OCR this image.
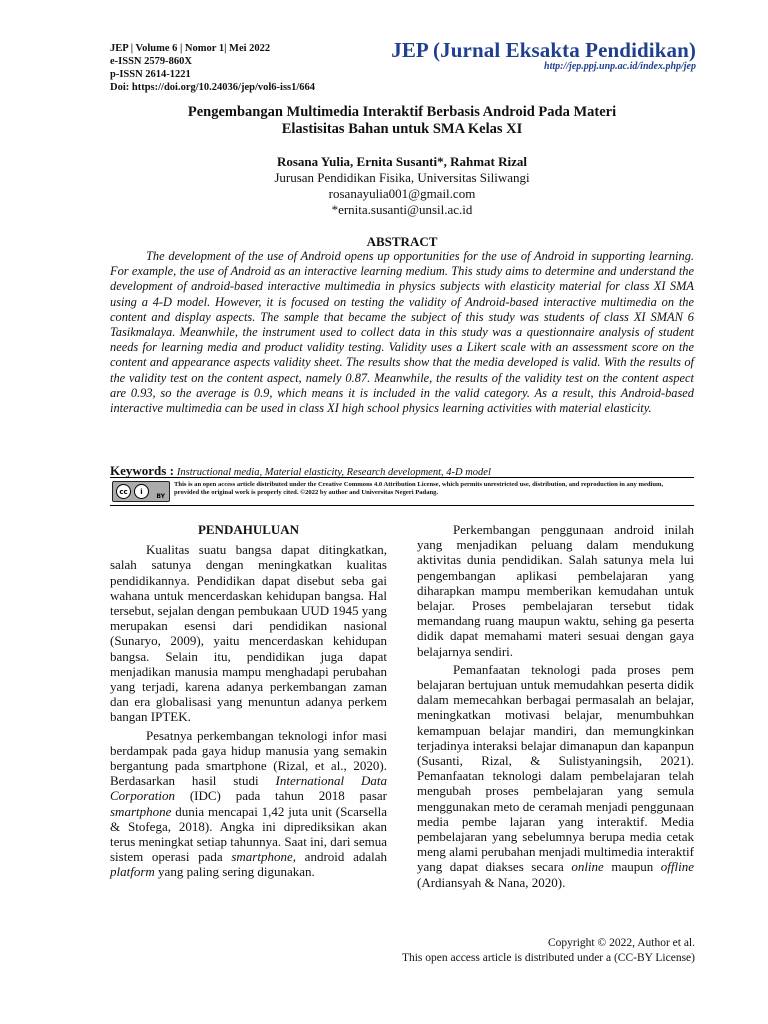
JEP | Volume 6 | Nomor 1| Mei 2022
e-ISSN 2579-860X
p-ISSN 2614-1221
Doi: https://doi.org/10.24036/jep/vol6-iss1/664
JEP (Jurnal Eksakta Pendidikan)
http://jep.ppj.unp.ac.id/index.php/jep
Pengembangan Multimedia Interaktif Berbasis Android Pada Materi
Elastisitas Bahan untuk SMA Kelas XI
Rosana Yulia, Ernita Susanti*, Rahmat Rizal
Jurusan Pendidikan Fisika, Universitas Siliwangi
rosanayulia001@gmail.com
*ernita.susanti@unsil.ac.id
ABSTRACT
The development of the use of Android opens up opportunities for the use of Android in supporting learning. For example, the use of Android as an interactive learning medium. This study aims to determine and understand the development of android-based interactive multimedia in physics subjects with elasticity material for class XI SMA using a 4-D model. However, it is focused on testing the validity of Android-based interactive multimedia on the content and display aspects. The sample that became the subject of this study was students of class XI SMAN 6 Tasikmalaya. Meanwhile, the instrument used to collect data in this study was a questionnaire analysis of student needs for learning media and product validity testing. Validity uses a Likert scale with an assessment score on the content and appearance aspects validity sheet. The results show that the media developed is valid. With the results of the validity test on the content aspect, namely 0.87. Meanwhile, the results of the validity test on the content aspect are 0.93, so the average is 0.9, which means it is included in the valid category. As a result, this Android-based interactive multimedia can be used in class XI high school physics learning activities with material elasticity.
Keywords : Instructional media, Material elasticity, Research development, 4-D model
cc	i
BY
This is an open access article distributed under the Creative Commons 4.0 Attribution License, which permits unrestricted use, distribution, and reproduction in any medium, provided the original work is properly cited. ©2022 by author and Universitas Negeri Padang.

PENDAHULUAN

Kualitas suatu bangsa dapat ditingkatkan, salah satunya dengan meningkatkan kualitas pendidikannya. Pendidikan dapat disebut seba gai wahana untuk mencerdaskan kehidupan bangsa. Hal tersebut, sejalan dengan pembukaan UUD 1945 yang merupakan esensi dari pendidikan nasional (Sunaryo, 2009), yaitu mencerdaskan kehidupan bangsa. Selain itu, pendidikan juga dapat menjadikan manusia mampu menghadapi perubahan yang terjadi, karena adanya perkembangan zaman dan era globalisasi yang menuntun adanya perkem bangan IPTEK.

Pesatnya perkembangan teknologi infor masi berdampak pada gaya hidup manusia yang semakin bergantung pada smartphone (Rizal, et al., 2020). Berdasarkan hasil studi International Data Corporation (IDC) pada tahun 2018 pasar smartphone dunia mencapai 1,42 juta unit (Scarsella & Stofega, 2018). Angka ini diprediksikan akan terus meningkat setiap tahunnya. Saat ini, dari semua sistem operasi pada smartphone, android adalah platform yang paling sering digunakan.

Perkembangan penggunaan android inilah yang menjadikan peluang dalam mendukung aktivitas dunia pendidikan. Salah satunya mela lui pengembangan aplikasi pembelajaran yang diharapkan mampu memberikan kemudahan untuk belajar. Proses pembelajaran tersebut tidak memandang ruang maupun waktu, sehing ga peserta didik dapat memahami materi sesuai dengan gaya belajarnya sendiri.

Pemanfaatan teknologi pada proses pem belajaran bertujuan untuk memudahkan peserta didik dalam memecahkan berbagai permasalah an belajar, meningkatkan motivasi belajar, menumbuhkan kemampuan belajar mandiri, dan memungkinkan terjadinya interaksi belajar dimanapun dan kapanpun (Susanti, Rizal, & Sulistyaningsih, 2021). Pemanfaatan teknologi dalam pembelajaran telah mengubah proses pembelajaran yang semula menggunakan meto de ceramah menjadi penggunaan media pembe lajaran yang interaktif. Media pembelajaran yang sebelumnya berupa media cetak meng alami perubahan menjadi multimedia interaktif yang dapat diakses secara online maupun offline (Ardiansyah & Nana, 2020).

Copyright © 2022, Author et al.
This open access article is distributed under a (CC-BY License)
